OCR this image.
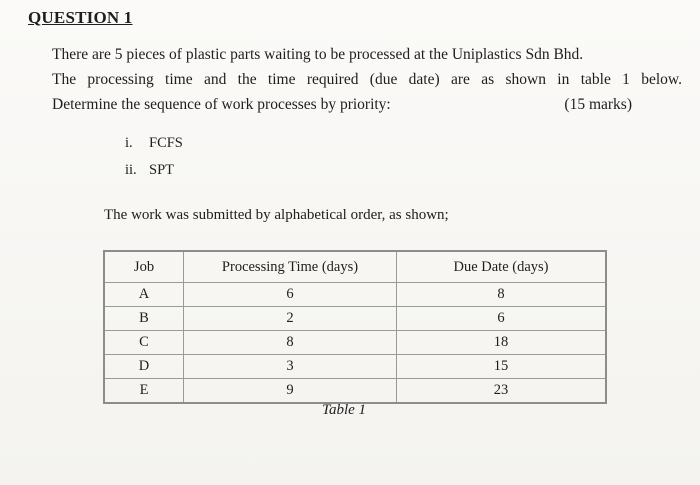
QUESTION 1
There are 5 pieces of plastic parts waiting to be processed at the Uniplastics Sdn Bhd.
The processing time and the time required (due date) are as shown in table 1 below.
Determine the sequence of work processes by priority:	(15 marks)
i.	FCFS
ii. SPT
The work was submitted by alphabetical order, as shown;
Job	Processing Time (days)	Due Date (days)
A	6	8
B	2	6
C	8	18
D	3	15
E	9	23
Table 1
